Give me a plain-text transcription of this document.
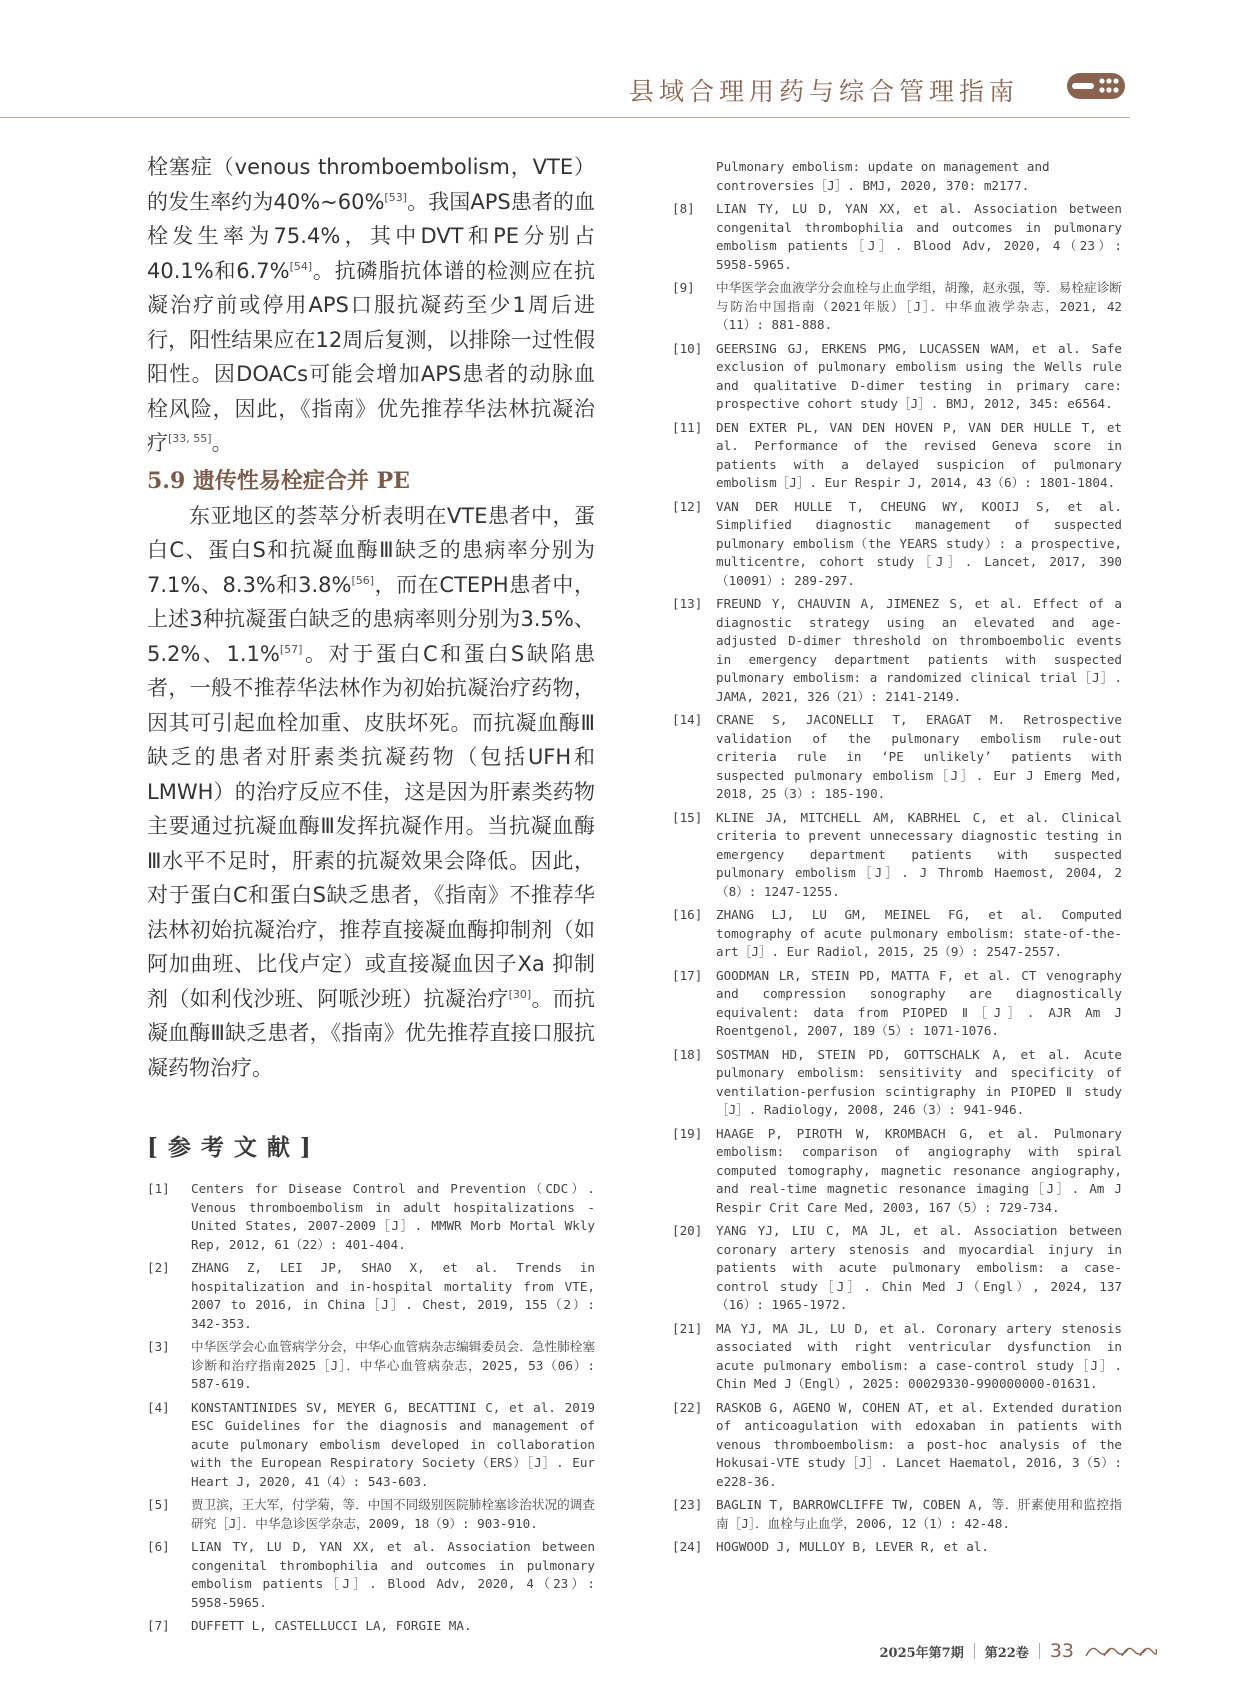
县域合理用药与综合管理指南

栓塞症（venous thromboembolism，VTE）的发生率约为40%~60%[53]。我国APS患者的血栓发生率为75.4%，其中DVT和PE分别占40.1%和6.7%[54]。抗磷脂抗体谱的检测应在抗凝治疗前或停用APS口服抗凝药至少1周后进行，阳性结果应在12周后复测，以排除一过性假阳性。因DOACs可能会增加APS患者的动脉血栓风险，因此，《指南》优先推荐华法林抗凝治疗[33, 55]。

5.9 遗传性易栓症合并 PE

东亚地区的荟萃分析表明在VTE患者中，蛋白C、蛋白S和抗凝血酶Ⅲ缺乏的患病率分别为7.1%、8.3%和3.8%[56]，而在CTEPH患者中，上述3种抗凝蛋白缺乏的患病率则分别为3.5%、5.2%、1.1%[57]。对于蛋白C和蛋白S缺陷患者，一般不推荐华法林作为初始抗凝治疗药物，因其可引起血栓加重、皮肤坏死。而抗凝血酶Ⅲ缺乏的患者对肝素类抗凝药物（包括UFH和LMWH）的治疗反应不佳，这是因为肝素类药物主要通过抗凝血酶Ⅲ发挥抗凝作用。当抗凝血酶Ⅲ水平不足时，肝素的抗凝效果会降低。因此，对于蛋白C和蛋白S缺乏患者，《指南》不推荐华法林初始抗凝治疗，推荐直接凝血酶抑制剂（如阿加曲班、比伐卢定）或直接凝血因子Xa 抑制剂（如利伐沙班、阿哌沙班）抗凝治疗[30]。而抗凝血酶Ⅲ缺乏患者，《指南》优先推荐直接口服抗凝药物治疗。

[参考文献]
[1]	Centers for Disease Control and Prevention（CDC）. Venous thromboembolism in adult hospitalizations - United States, 2007-2009［J］. MMWR Morb Mortal Wkly Rep, 2012, 61（22）: 401-404.
[2]	ZHANG Z, LEI JP, SHAO X, et al. Trends in hospitalization and in-hospital mortality from VTE, 2007 to 2016, in China［J］. Chest, 2019, 155（2）: 342-353.
[3]	中华医学会心血管病学分会，中华心血管病杂志编辑委员会．急性肺栓塞诊断和治疗指南2025［J］．中华心血管病杂志，2025, 53（06）: 587-619.
[4]	KONSTANTINIDES SV, MEYER G, BECATTINI C, et al. 2019 ESC Guidelines for the diagnosis and management of acute pulmonary embolism developed in collaboration with the European Respiratory Society（ERS）［J］. Eur Heart J, 2020, 41（4）: 543-603.
[5]	贾卫滨，王大军，付学菊，等．中国不同级别医院肺栓塞诊治状况的调查研究［J］．中华急诊医学杂志，2009, 18（9）: 903-910.
[6]	LIAN TY, LU D, YAN XX, et al. Association between congenital thrombophilia and outcomes in pulmonary embolism patients［J］. Blood Adv, 2020, 4（23）: 5958-5965.
[7]	DUFFETT L, CASTELLUCCI LA, FORGIE MA.
Pulmonary embolism: update on management and controversies［J］. BMJ, 2020, 370: m2177.
[8]	LIAN TY, LU D, YAN XX, et al. Association between congenital thrombophilia and outcomes in pulmonary embolism patients［J］. Blood Adv, 2020, 4（23）: 5958-5965.
[9]	中华医学会血液学分会血栓与止血学组，胡豫，赵永强，等．易栓症诊断与防治中国指南（2021年版）［J］．中华血液学杂志，2021, 42（11）: 881-888.
[10]	GEERSING GJ, ERKENS PMG, LUCASSEN WAM, et al. Safe exclusion of pulmonary embolism using the Wells rule and qualitative D-dimer testing in primary care: prospective cohort study［J］. BMJ, 2012, 345: e6564.
[11]	DEN EXTER PL, VAN DEN HOVEN P, VAN DER HULLE T, et al. Performance of the revised Geneva score in patients with a delayed suspicion of pulmonary embolism［J］. Eur Respir J, 2014, 43（6）: 1801-1804.
[12]	VAN DER HULLE T, CHEUNG WY, KOOIJ S, et al. Simplified diagnostic management of suspected pulmonary embolism（the YEARS study）: a prospective, multicentre, cohort study［J］. Lancet, 2017, 390（10091）: 289-297.
[13]	FREUND Y, CHAUVIN A, JIMENEZ S, et al. Effect of a diagnostic strategy using an elevated and age-adjusted D-dimer threshold on thromboembolic events in emergency department patients with suspected pulmonary embolism: a randomized clinical trial［J］. JAMA, 2021, 326（21）: 2141-2149.
[14]	CRANE S, JACONELLI T, ERAGAT M. Retrospective validation of the pulmonary embolism rule-out criteria rule in ‘PE unlikely’ patients with suspected pulmonary embolism［J］. Eur J Emerg Med, 2018, 25（3）: 185-190.
[15]	KLINE JA, MITCHELL AM, KABRHEL C, et al. Clinical criteria to prevent unnecessary diagnostic testing in emergency department patients with suspected pulmonary embolism［J］. J Thromb Haemost, 2004, 2（8）: 1247-1255.
[16]	ZHANG LJ, LU GM, MEINEL FG, et al. Computed tomography of acute pulmonary embolism: state-of-the-art［J］. Eur Radiol, 2015, 25（9）: 2547-2557.
[17]	GOODMAN LR, STEIN PD, MATTA F, et al. CT venography and compression sonography are diagnostically equivalent: data from PIOPED Ⅱ［J］. AJR Am J Roentgenol, 2007, 189（5）: 1071-1076.
[18]	SOSTMAN HD, STEIN PD, GOTTSCHALK A, et al. Acute pulmonary embolism: sensitivity and specificity of ventilation-perfusion scintigraphy in PIOPED Ⅱ study［J］. Radiology, 2008, 246（3）: 941-946.
[19]	HAAGE P, PIROTH W, KROMBACH G, et al. Pulmonary embolism: comparison of angiography with spiral computed tomography, magnetic resonance angiography, and real-time magnetic resonance imaging［J］. Am J Respir Crit Care Med, 2003, 167（5）: 729-734.
[20]	YANG YJ, LIU C, MA JL, et al. Association between coronary artery stenosis and myocardial injury in patients with acute pulmonary embolism: a case-control study［J］. Chin Med J（Engl）, 2024, 137（16）: 1965-1972.
[21]	MA YJ, MA JL, LU D, et al. Coronary artery stenosis associated with right ventricular dysfunction in acute pulmonary embolism: a case-control study［J］. Chin Med J（Engl）, 2025: 00029330-990000000-01631.
[22]	RASKOB G, AGENO W, COHEN AT, et al. Extended duration of anticoagulation with edoxaban in patients with venous thromboembolism: a post-hoc analysis of the Hokusai-VTE study［J］. Lancet Haematol, 2016, 3（5）: e228-36.
[23]	BAGLIN T, BARROWCLIFFE TW, COBEN A, 等．肝素使用和监控指南［J］．血栓与止血学，2006, 12（1）: 42-48.
[24]	HOGWOOD J, MULLOY B, LEVER R, et al.
2025年第7期 第22卷 33
